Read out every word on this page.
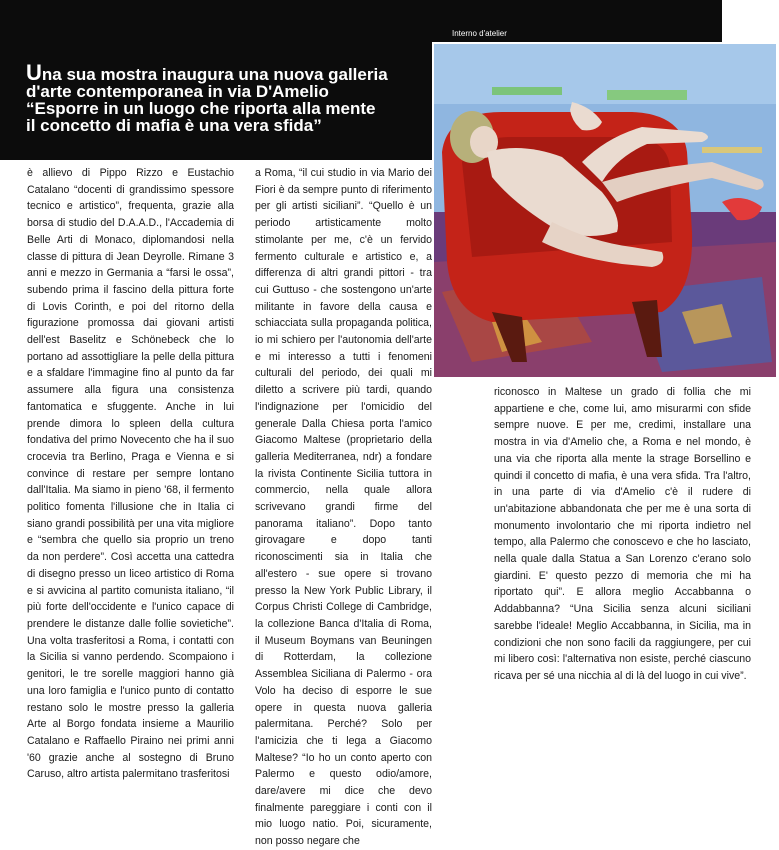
Interno d'atelier
Una sua mostra inaugura una nuova galleria
d'arte contemporanea in via D'Amelio
“Esporre in un luogo che riporta alla mente
il concetto di mafia è una vera sfida”

è allievo di Pippo Rizzo e Eustachio Catalano “docenti di grandissimo spessore tecnico e artistico”, frequenta, grazie alla borsa di studio del D.A.A.D., l'Accademia di Belle Arti di Monaco, diplomandosi nella classe di pittura di Jean Deyrolle. Rimane 3 anni e mezzo in Germania a “farsi le ossa”, subendo prima il fascino della pittura forte di Lovis Corinth, e poi del ritorno della figurazione promossa dai giovani artisti dell'est Baselitz e Schönebeck che lo portano ad assottigliare la pelle della pittura e a sfaldare l'immagine fino al punto da far assumere alla figura una consistenza fantomatica e sfuggente. Anche in lui prende dimora lo spleen della cultura fondativa del primo Novecento che ha il suo crocevia tra Berlino, Praga e Vienna e si convince di restare per sempre lontano dall'Italia. Ma siamo in pieno '68, il fermento politico fomenta l'illusione che in Italia ci siano grandi possibilità per una vita migliore e “sembra che quello sia proprio un treno da non perdere”. Così accetta una cattedra di disegno presso un liceo artistico di Roma e si avvicina al partito comunista italiano, “il più forte dell'occidente e l'unico capace di prendere le distanze dalle follie sovietiche”. Una volta trasferitosi a Roma, i contatti con la Sicilia si vanno perdendo. Scompaiono i genitori, le tre sorelle maggiori hanno già una loro famiglia e l'unico punto di contatto restano solo le mostre presso la galleria Arte al Borgo fondata insieme a Maurilio Catalano e Raffaello Piraino nei primi anni '60 grazie anche al sostegno di Bruno Caruso, altro artista palermitano trasferitosi

a Roma, “il cui studio in via Mario dei Fiori è da sempre punto di riferimento per gli artisti siciliani”. “Quello è un periodo artisticamente molto stimolante per me, c'è un fervido fermento culturale e artistico e, a differenza di altri grandi pittori - tra cui Guttuso - che sostengono un'arte militante in favore della causa e schiacciata sulla propaganda politica, io mi schiero per l'autonomia dell'arte e mi interesso a tutti i fenomeni culturali del periodo, dei quali mi diletto a scrivere più tardi, quando l'indignazione per l'omicidio del generale Dalla Chiesa porta l'amico Giacomo Maltese (proprietario della galleria Mediterranea, ndr) a fondare la rivista Continente Sicilia tuttora in commercio, nella quale allora scrivevano grandi firme del panorama italiano”. Dopo tanto girovagare e dopo tanti riconoscimenti sia in Italia che all'estero - sue opere si trovano presso la New York Public Library, il Corpus Christi College di Cambridge, la collezione Banca d'Italia di Roma, il Museum Boymans van Beuningen di Rotterdam, la collezione Assemblea Siciliana di Palermo - ora Volo ha deciso di esporre le sue opere in questa nuova galleria palermitana. Perché? Solo per l'amicizia che ti lega a Giacomo Maltese? “Io ho un conto aperto con Palermo e questo odio/amore, dare/avere mi dice che devo finalmente pareggiare i conti con il mio luogo natio. Poi, sicuramente, non posso negare che

riconosco in Maltese un grado di follia che mi appartiene e che, come lui, amo misurarmi con sfide sempre nuove. E per me, credimi, installare una mostra in via d'Amelio che, a Roma e nel mondo, è una via che riporta alla mente la strage Borsellino e quindi il concetto di mafia, è una vera sfida. Tra l'altro, in una parte di via d'Amelio c'è il rudere di un'abitazione abbandonata che per me è una sorta di monumento involontario che mi riporta indietro nel tempo, alla Palermo che conoscevo e che ho lasciato, nella quale dalla Statua a San Lorenzo c'erano solo giardini. E' questo pezzo di memoria che mi ha riportato qui”. E allora meglio Accabbanna o Addabbanna? “Una Sicilia senza alcuni siciliani sarebbe l'ideale! Meglio Accabbanna, in Sicilia, ma in condizioni che non sono facili da raggiungere, per cui mi libero così: l'alternativa non esiste, perché ciascuno ricava per sé una nicchia al di là del luogo in cui vive”.
